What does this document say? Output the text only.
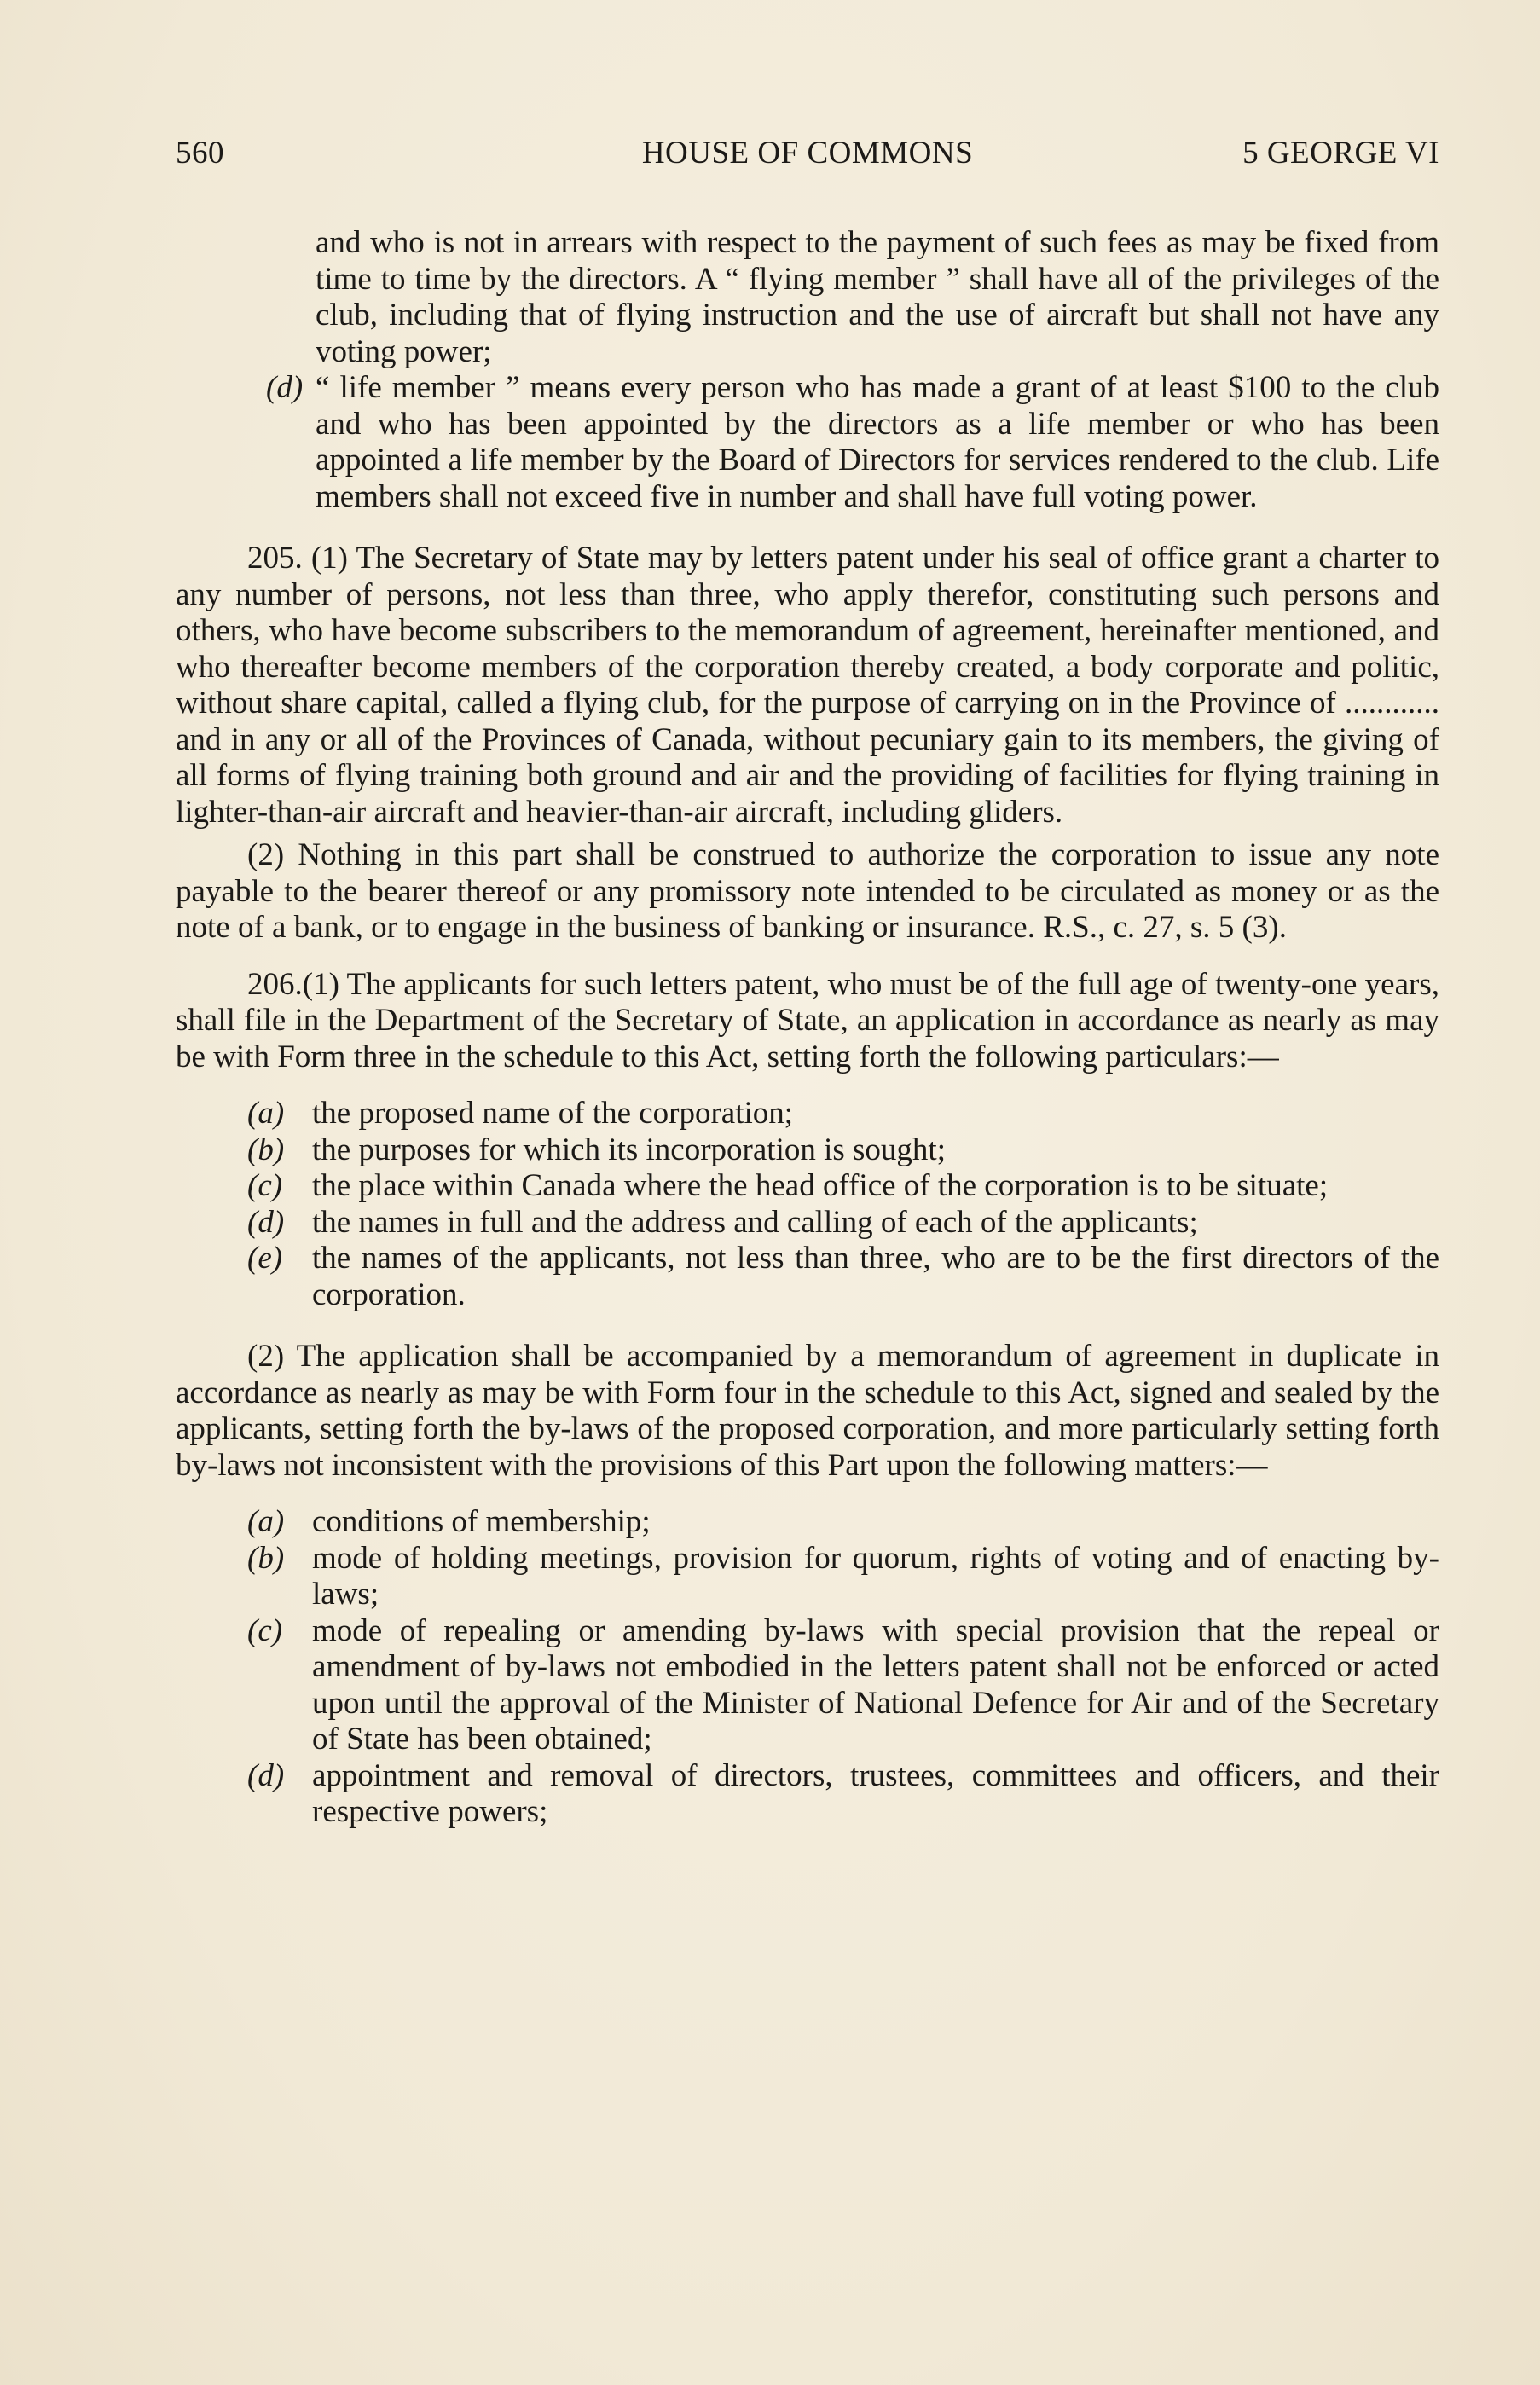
560	HOUSE OF COMMONS	5 GEORGE VI

and who is not in arrears with respect to the payment of such fees as may be fixed from time to time by the directors. A “ flying member ” shall have all of the privileges of the club, including that of flying instruction and the use of aircraft but shall not have any voting power;

(d) “ life member ” means every person who has made a grant of at least $100 to the club and who has been appointed by the directors as a life member or who has been appointed a life member by the Board of Directors for services rendered to the club. Life members shall not exceed five in number and shall have full voting power.

205. (1) The Secretary of State may by letters patent under his seal of office grant a charter to any number of persons, not less than three, who apply therefor, constituting such persons and others, who have become subscribers to the memorandum of agreement, hereinafter mentioned, and who thereafter become members of the corporation thereby created, a body corporate and politic, without share capital, called a flying club, for the purpose of carrying on in the Province of ............ and in any or all of the Provinces of Canada, without pecuniary gain to its members, the giving of all forms of flying training both ground and air and the providing of facilities for flying training in lighter-than-air aircraft and heavier-than-air aircraft, including gliders.

(2) Nothing in this part shall be construed to authorize the corporation to issue any note payable to the bearer thereof or any promissory note intended to be circulated as money or as the note of a bank, or to engage in the business of banking or insurance. R.S., c. 27, s. 5 (3).

206.(1) The applicants for such letters patent, who must be of the full age of twenty-one years, shall file in the Department of the Secretary of State, an application in accordance as nearly as may be with Form three in the schedule to this Act, setting forth the following particulars:—

(a) the proposed name of the corporation;
(b) the purposes for which its incorporation is sought;
(c) the place within Canada where the head office of the corporation is to be situate;
(d) the names in full and the address and calling of each of the applicants;
(e) the names of the applicants, not less than three, who are to be the first directors of the corporation.

(2) The application shall be accompanied by a memorandum of agreement in duplicate in accordance as nearly as may be with Form four in the schedule to this Act, signed and sealed by the applicants, setting forth the by-laws of the proposed corporation, and more particularly setting forth by-laws not inconsistent with the provisions of this Part upon the following matters:—

(a) conditions of membership;
(b) mode of holding meetings, provision for quorum, rights of voting and of enacting by-laws;
(c) mode of repealing or amending by-laws with special provision that the repeal or amendment of by-laws not embodied in the letters patent shall not be enforced or acted upon until the approval of the Minister of National Defence for Air and of the Secretary of State has been obtained;
(d) appointment and removal of directors, trustees, committees and officers, and their respective powers;
